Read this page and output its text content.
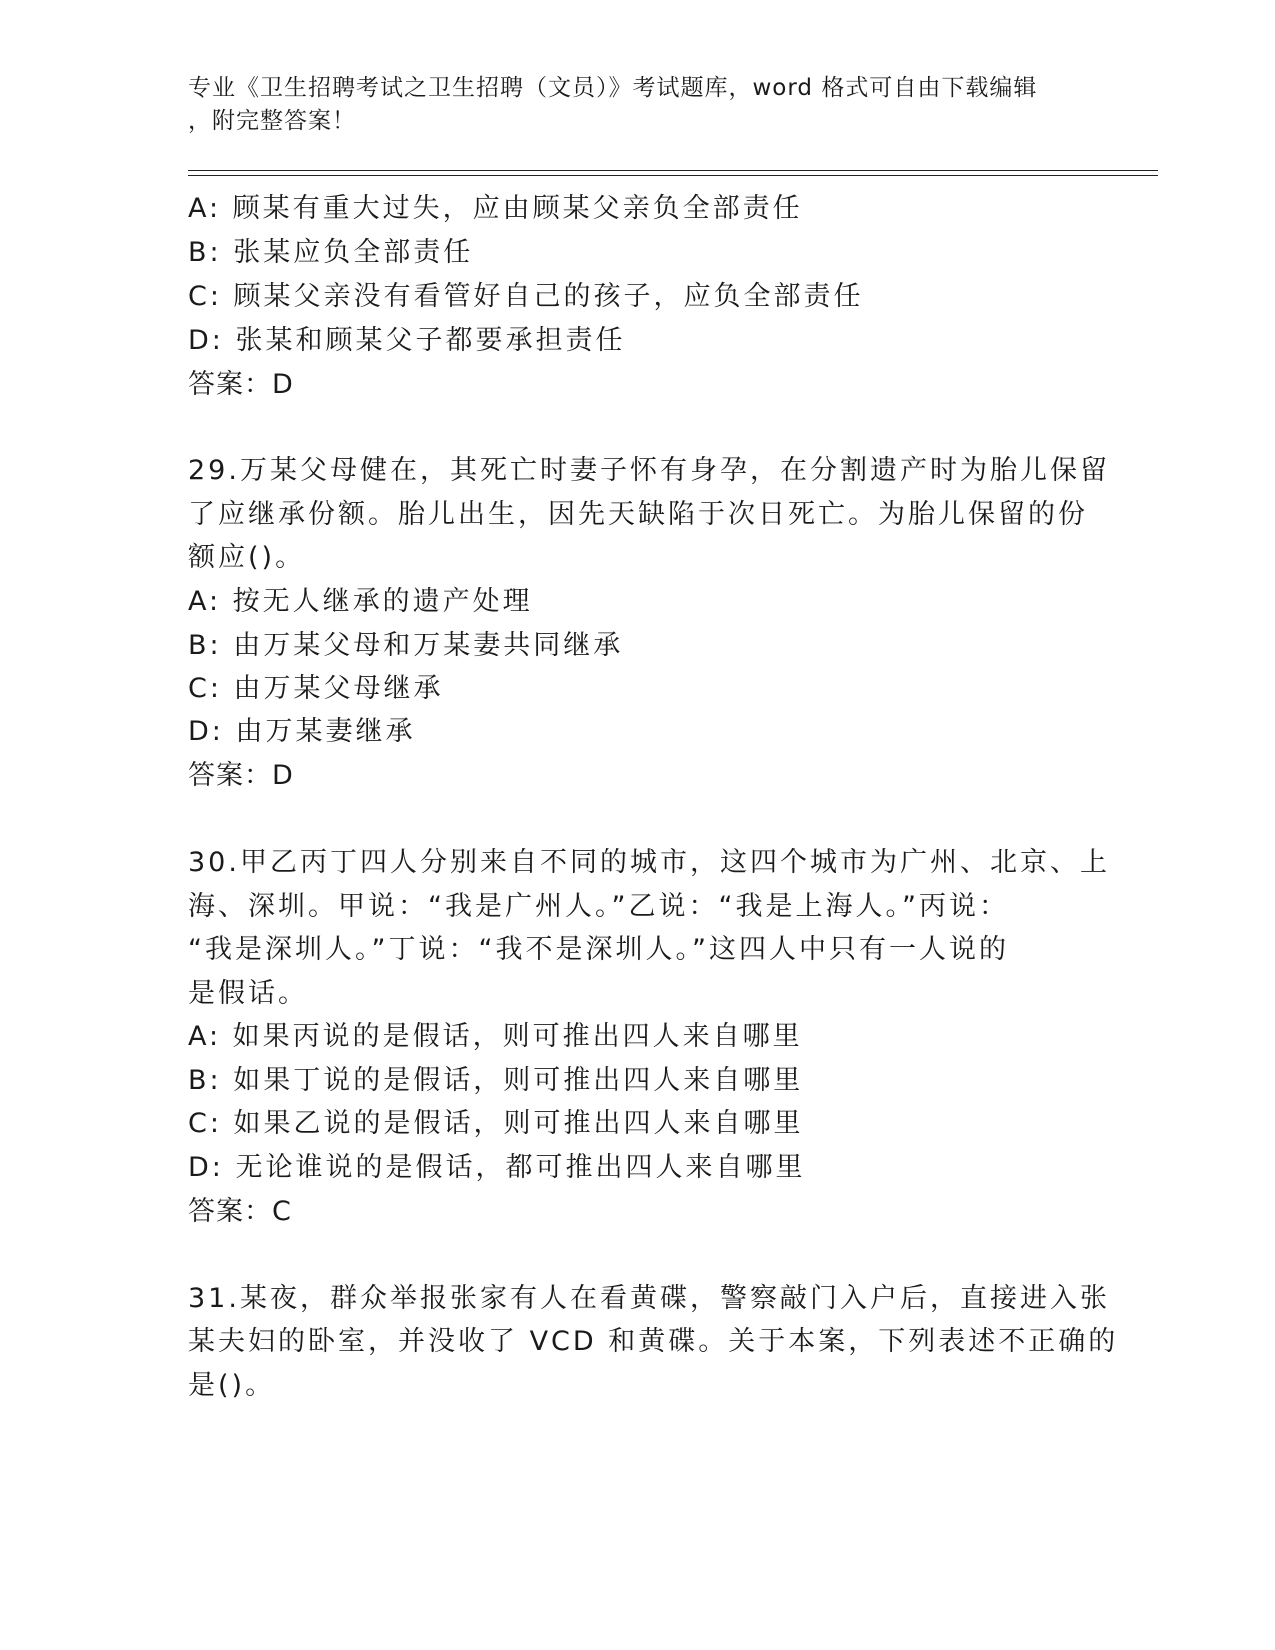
专业《卫生招聘考试之卫生招聘（文员）》考试题库，word 格式可自由下载编辑
，附完整答案！
A: 顾某有重大过失，应由顾某父亲负全部责任
B: 张某应负全部责任
C: 顾某父亲没有看管好自己的孩子，应负全部责任
D: 张某和顾某父子都要承担责任
答案：D
29.万某父母健在，其死亡时妻子怀有身孕，在分割遗产时为胎儿保留
了应继承份额。胎儿出生，因先天缺陷于次日死亡。为胎儿保留的份
额应()。
A: 按无人继承的遗产处理
B: 由万某父母和万某妻共同继承
C: 由万某父母继承
D: 由万某妻继承
答案：D
30.甲乙丙丁四人分别来自不同的城市，这四个城市为广州、北京、上
海、深圳。甲说：“我是广州人。”乙说：“我是上海人。”丙说：
“我是深圳人。”丁说：“我不是深圳人。”这四人中只有一人说的
是假话。
A: 如果丙说的是假话，则可推出四人来自哪里
B: 如果丁说的是假话，则可推出四人来自哪里
C: 如果乙说的是假话，则可推出四人来自哪里
D: 无论谁说的是假话，都可推出四人来自哪里
答案：C
31.某夜，群众举报张家有人在看黄碟，警察敲门入户后，直接进入张
某夫妇的卧室，并没收了 VCD 和黄碟。关于本案，下列表述不正确的
是()。
